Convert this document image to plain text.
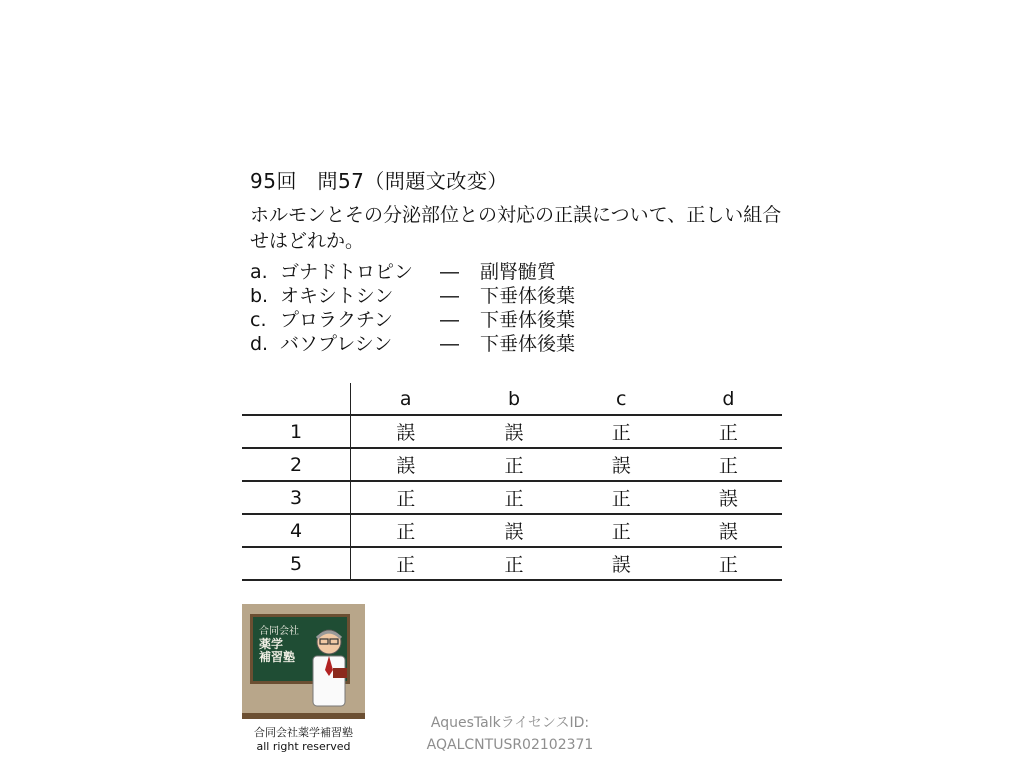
95回　問57（問題文改変）
ホルモンとその分泌部位との対応の正誤について、正しい組合せはどれか。
a. ゴナドトロピン ― 副腎髄質
b. オキシトシン ― 下垂体後葉
c. プロラクチン ― 下垂体後葉
d. バソプレシン	― 下垂体後葉
	a	b	c	d
1	誤	誤	正	正
2	誤	正	誤	正
3	正	正	正	誤
4	正	誤	正	誤
5	正	正	誤	正
合同会社
薬学
補習塾
合同会社薬学補習塾
all right reserved
AquesTalkライセンスID:
AQALCNTUSR02102371
